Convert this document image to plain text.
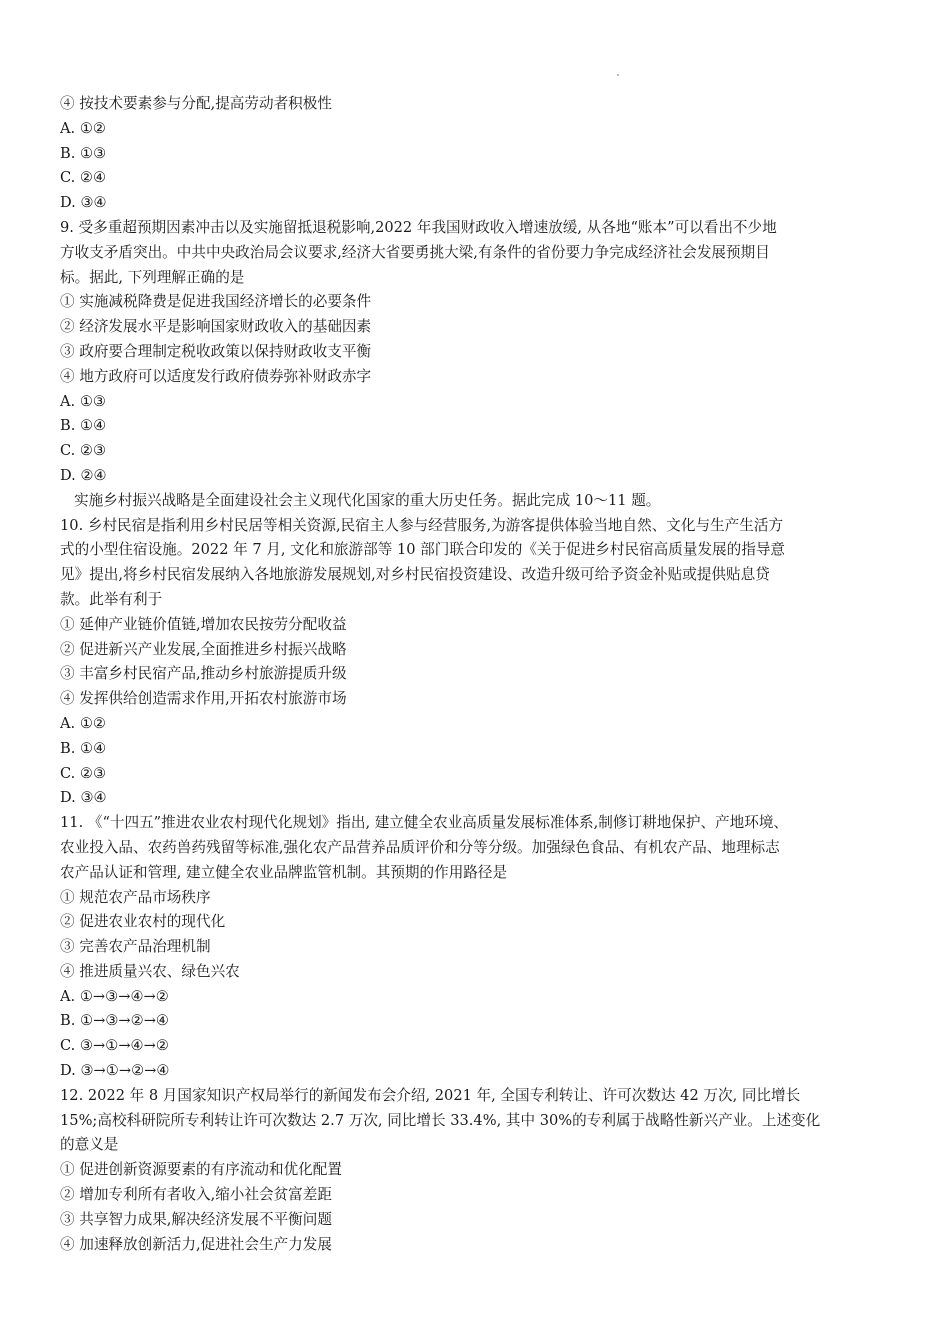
④ 按技术要素参与分配,提高劳动者积极性

A. ①②

B. ①③

C. ②④

D. ③④

9. 受多重超预期因素冲击以及实施留抵退税影响,2022 年我国财政收入增速放缓, 从各地“账本”可以看出不少地

方收支矛盾突出。中共中央政治局会议要求,经济大省要勇挑大梁,有条件的省份要力争完成经济社会发展预期目

标。据此, 下列理解正确的是

① 实施减税降费是促进我国经济增长的必要条件

② 经济发展水平是影响国家财政收入的基础因素

③ 政府要合理制定税收政策以保持财政收支平衡

④ 地方政府可以适度发行政府债券弥补财政赤字

A. ①③

B. ①④

C. ②③

D. ②④

实施乡村振兴战略是全面建设社会主义现代化国家的重大历史任务。据此完成 10～11 题。

10. 乡村民宿是指利用乡村民居等相关资源,民宿主人参与经营服务,为游客提供体验当地自然、文化与生产生活方

式的小型住宿设施。2022 年 7 月, 文化和旅游部等 10 部门联合印发的《关于促进乡村民宿高质量发展的指导意

见》提出,将乡村民宿发展纳入各地旅游发展规划,对乡村民宿投资建设、改造升级可给予资金补贴或提供贴息贷

款。此举有利于

① 延伸产业链价值链,增加农民按劳分配收益

② 促进新兴产业发展,全面推进乡村振兴战略

③ 丰富乡村民宿产品,推动乡村旅游提质升级

④ 发挥供给创造需求作用,开拓农村旅游市场

A. ①②

B. ①④

C. ②③

D. ③④

11. 《“十四五”推进农业农村现代化规划》指出, 建立健全农业高质量发展标准体系,制修订耕地保护、产地环境、

农业投入品、农药兽药残留等标准,强化农产品营养品质评价和分等分级。加强绿色食品、有机农产品、地理标志

农产品认证和管理, 建立健全农业品牌监管机制。其预期的作用路径是

① 规范农产品市场秩序

② 促进农业农村的现代化

③ 完善农产品治理机制

④ 推进质量兴农、绿色兴农

A. ①→③→④→②

B. ①→③→②→④

C. ③→①→④→②

D. ③→①→②→④

12. 2022 年 8 月国家知识产权局举行的新闻发布会介绍, 2021 年, 全国专利转让、许可次数达 42 万次, 同比增长

15%;高校科研院所专利转让许可次数达 2.7 万次, 同比增长 33.4%, 其中 30%的专利属于战略性新兴产业。上述变化

的意义是

① 促进创新资源要素的有序流动和优化配置

② 增加专利所有者收入,缩小社会贫富差距

③ 共享智力成果,解决经济发展不平衡问题

④ 加速释放创新活力,促进社会生产力发展
